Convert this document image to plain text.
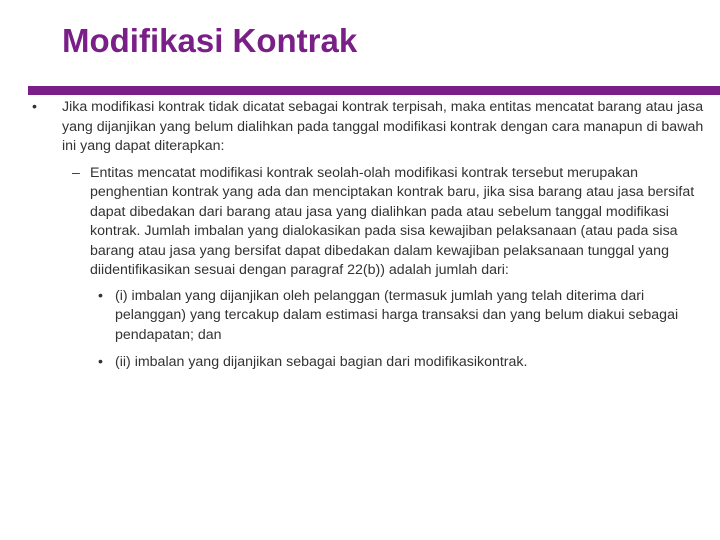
Modifikasi Kontrak
• Jika modifikasi kontrak tidak dicatat sebagai kontrak terpisah, maka entitas mencatat barang atau jasa yang dijanjikan yang belum dialihkan pada tanggal modifikasi kontrak dengan cara manapun di bawah ini yang dapat diterapkan:
– Entitas mencatat modifikasi kontrak seolah-olah modifikasi kontrak tersebut merupakan penghentian kontrak yang ada dan menciptakan kontrak baru, jika sisa barang atau jasa bersifat dapat dibedakan dari barang atau jasa yang dialihkan pada atau sebelum tanggal modifikasi kontrak. Jumlah imbalan yang dialokasikan pada sisa kewajiban pelaksanaan (atau pada sisa barang atau jasa yang bersifat dapat dibedakan dalam kewajiban pelaksanaan tunggal yang diidentifikasikan sesuai dengan paragraf 22(b)) adalah jumlah dari:
• (i) imbalan yang dijanjikan oleh pelanggan (termasuk jumlah yang telah diterima dari pelanggan) yang tercakup dalam estimasi harga transaksi dan yang belum diakui sebagai pendapatan; dan
• (ii) imbalan yang dijanjikan sebagai bagian dari modifikasikontrak.
